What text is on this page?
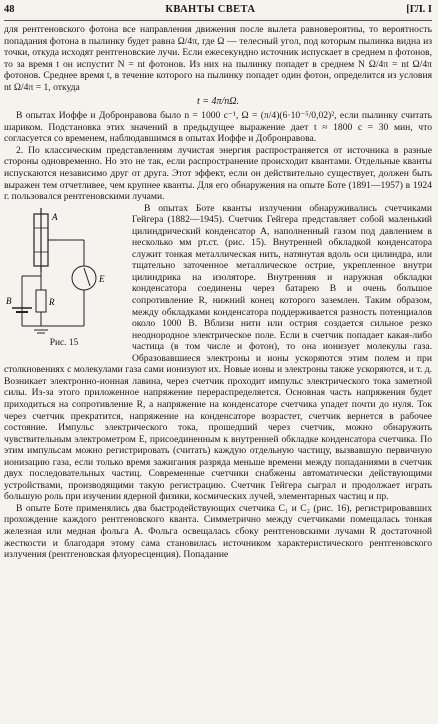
48	КВАНТЫ СВЕТА	[ГЛ. I

для рентгеновского фотона все направления движения после вылета равновероятны, то вероятность попадания фотона в пылинку будет равна Ω/4π, где Ω — телесный угол, под которым пылинка видна из точки, откуда исходят рентгеновские лучи. Если ежесекундно источник испускает в среднем n фотонов, то за время t он испустит N = nt фотонов. Из них на пылинку попадет в среднем N Ω/4π = nt Ω/4π фотонов. Среднее время t, в течение которого на пылинку попадет один фотон, определится из условия nt Ω/4π = 1, откуда

t = 4π/nΩ.

В опытах Иоффе и Добронравова было n = 1000 c⁻¹, Ω = (π/4)(6·10⁻⁵/0,02)², если пылинку считать шариком. Подстановка этих значений в предыдущее выражение дает t ≈ 1800 c = 30 мин, что согласуется со временем, наблюдавшимся в опытах Иоффе и Добронравова.

2. По классическим представлениям лучистая энергия распространяется от источника в разные стороны одновременно. Но это не так, если распространение происходит квантами. Отдельные кванты испускаются независимо друг от друга. Этот эффект, если он действительно существует, должен быть выражен тем отчетливее, чем крупнее кванты. Для его обнаружения на опыте Боте (1891—1957) в 1924 г. пользовался рентгеновскими лучами.

A
R
E
B
Рис. 15

В опытах Боте кванты излучения обнаруживались счетчиками Гейгера (1882—1945). Счетчик Гейгера представляет собой маленький цилиндрический конденсатор A, наполненный газом под давлением в несколько мм рт.ст. (рис. 15). Внутренней обкладкой конденсатора служит тонкая металлическая нить, натянутая вдоль оси цилиндра, или тщательно заточенное металлическое острие, укрепленное внутри цилиндрика на изоляторе. Внутренняя и наружная обкладки конденсатора соединены через батарею B и очень большое сопротивление R, нижний конец которого заземлен. Таким образом, между обкладками конденсатора поддерживается разность потенциалов около 1000 В. Вблизи нити или острия создается сильное резко неоднородное электрическое поле. Если в счетчик попадает какая-либо частица (в том числе и фотон), то она ионизует молекулы газа. Образовавшиеся электроны и ионы ускоряются этим полем и при столкновениях с молекулами газа сами ионизуют их. Новые ионы и электроны также ускоряются, и т. д. Возникает электронно-ионная лавина, через счетчик проходит импульс электрического тока заметной силы. Из-за этого приложенное напряжение перераспределяется. Основная часть напряжения будет приходиться на сопротивление R, а напряжение на конденсаторе счетчика упадет почти до нуля. Ток через счетчик прекратится, напряжение на конденсаторе возрастет, счетчик вернется в рабочее состояние. Импульс электрического тока, прошедший через счетчик, можно обнаружить чувствительным электрометром E, присоединенным к внутренней обкладке конденсатора счетчика. По этим импульсам можно регистрировать (считать) каждую отдельную частицу, вызвавшую первичную ионизацию газа, если только время зажигания разряда меньше времени между попаданиями в счетчик двух последовательных частиц. Современные счетчики снабжены автоматически действующими устройствами, производящими такую регистрацию. Счетчик Гейгера сыграл и продолжает играть большую роль при изучении ядерной физики, космических лучей, элементарных частиц и пр.

В опыте Боте применялись два быстродействующих счетчика C₁ и C₂ (рис. 16), регистрировавших прохождение каждого рентгеновского кванта. Симметрично между счетчиками помещалась тонкая железная или медная фольга A. Фольга освещалась сбоку рентгеновскими лучами R достаточной жесткости и благодаря этому сама становилась источником характеристического рентгеновского излучения (рентгеновская флуоресценция). Попадание
